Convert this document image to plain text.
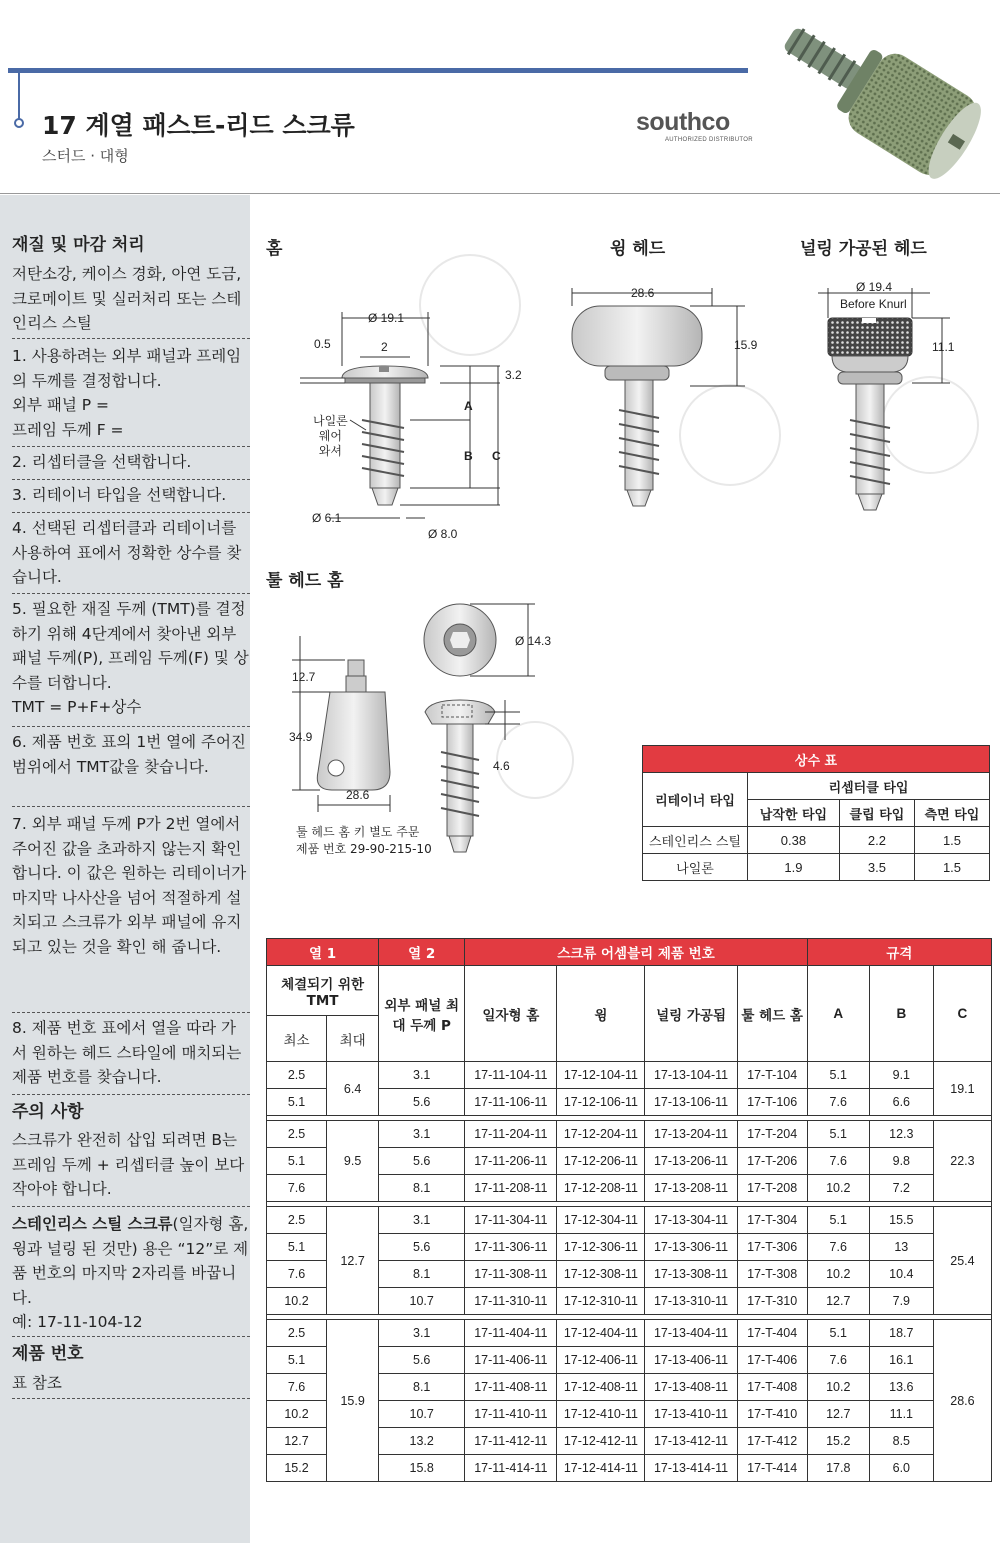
17 계열 패스트-리드 스크류
스터드 · 대형
southco
AUTHORIZED DISTRIBUTOR
재질 및 마감 처리
저탄소강, 케이스 경화, 아연 도금, 크로메이트 및 실러처리 또는 스테인리스 스틸
1. 사용하려는 외부 패널과 프레임의 두께를 결정합니다.
외부 패널 P =
프레임 두께 F =
2. 리셉터클을 선택합니다.
3. 리테이너 타입을 선택합니다.
4. 선택된 리셉터클과 리테이너를 사용하여 표에서 정확한 상수를 찾습니다.
5. 필요한 재질 두께 (TMT)를 결정하기 위해 4단계에서 찾아낸 외부 패널 두께(P), 프레임 두께(F) 및 상수를 더합니다.
TMT = P+F+상수
6. 제품 번호 표의 1번 열에 주어진 범위에서 TMT값을 찾습니다.
7. 외부 패널 두께 P가 2번 열에서 주어진 값을 초과하지 않는지 확인합니다. 이 값은 원하는 리테이너가 마지막 나사산을 넘어 적절하게 설치되고 스크류가 외부 패널에 유지되고 있는 것을 확인 해 줍니다.
8. 제품 번호 표에서 열을 따라 가서 원하는 헤드 스타일에 매치되는 제품 번호를 찾습니다.
주의 사항
스크류가 완전히 삽입 되려면 B는 프레임 두께 + 리셉터클 높이 보다 작아야 합니다.
스테인리스 스틸 스크류(일자형 홈, 윙과 널링 된 것만) 용은 “12”로 제품 번호의 마지막 2자리를 바꿉니다.
예: 17-11-104-12
제품 번호
표 참조
홈	윙 헤드	널링 가공된 헤드
툴 헤드 홈
Ø 19.1
0.5	2
3.2
A
B C
Ø 6.1
Ø 8.0
나일론
웨어
와셔
28.6
15.9
Ø 19.4
Before Knurl
11.1
12.7
34.9
28.6
Ø 14.3
4.6
툴 헤드 홈 키 별도 주문
제품 번호 29-90-215-10
상수 표			
리테이너 타입	리셉터클 타입		
	납작한 타입	클립 타입	측면 타입
스테인리스 스틸	0.38	2.2	1.5
나일론	1.9	3.5	1.5
열 1		열 2	스크류 어셈블리 제품 번호				규격		
체결되기 위한 TMT		외부 패널 최대 두께 P	일자형 홈	윙	널링 가공됨	툴 헤드 홈	A	B	C
최소	최대								
2.5	6.4	3.1	17-11-104-11	17-12-104-11	17-13-104-11	17-T-104	5.1	9.1	19.1
5.1		5.6	17-11-106-11	17-12-106-11	17-13-106-11	17-T-106	7.6	6.6	

2.5	9.5	3.1	17-11-204-11	17-12-204-11	17-13-204-11	17-T-204	5.1	12.3	22.3
5.1		5.6	17-11-206-11	17-12-206-11	17-13-206-11	17-T-206	7.6	9.8	
7.6		8.1	17-11-208-11	17-12-208-11	17-13-208-11	17-T-208	10.2	7.2	

2.5	12.7	3.1	17-11-304-11	17-12-304-11	17-13-304-11	17-T-304	5.1	15.5	25.4
5.1		5.6	17-11-306-11	17-12-306-11	17-13-306-11	17-T-306	7.6	13	
7.6		8.1	17-11-308-11	17-12-308-11	17-13-308-11	17-T-308	10.2	10.4	
10.2		10.7	17-11-310-11	17-12-310-11	17-13-310-11	17-T-310	12.7	7.9	

2.5	15.9	3.1	17-11-404-11	17-12-404-11	17-13-404-11	17-T-404	5.1	18.7	28.6
5.1		5.6	17-11-406-11	17-12-406-11	17-13-406-11	17-T-406	7.6	16.1	
7.6		8.1	17-11-408-11	17-12-408-11	17-13-408-11	17-T-408	10.2	13.6	
10.2		10.7	17-11-410-11	17-12-410-11	17-13-410-11	17-T-410	12.7	11.1	
12.7		13.2	17-11-412-11	17-12-412-11	17-13-412-11	17-T-412	15.2	8.5	
15.2		15.8	17-11-414-11	17-12-414-11	17-13-414-11	17-T-414	17.8	6.0	
